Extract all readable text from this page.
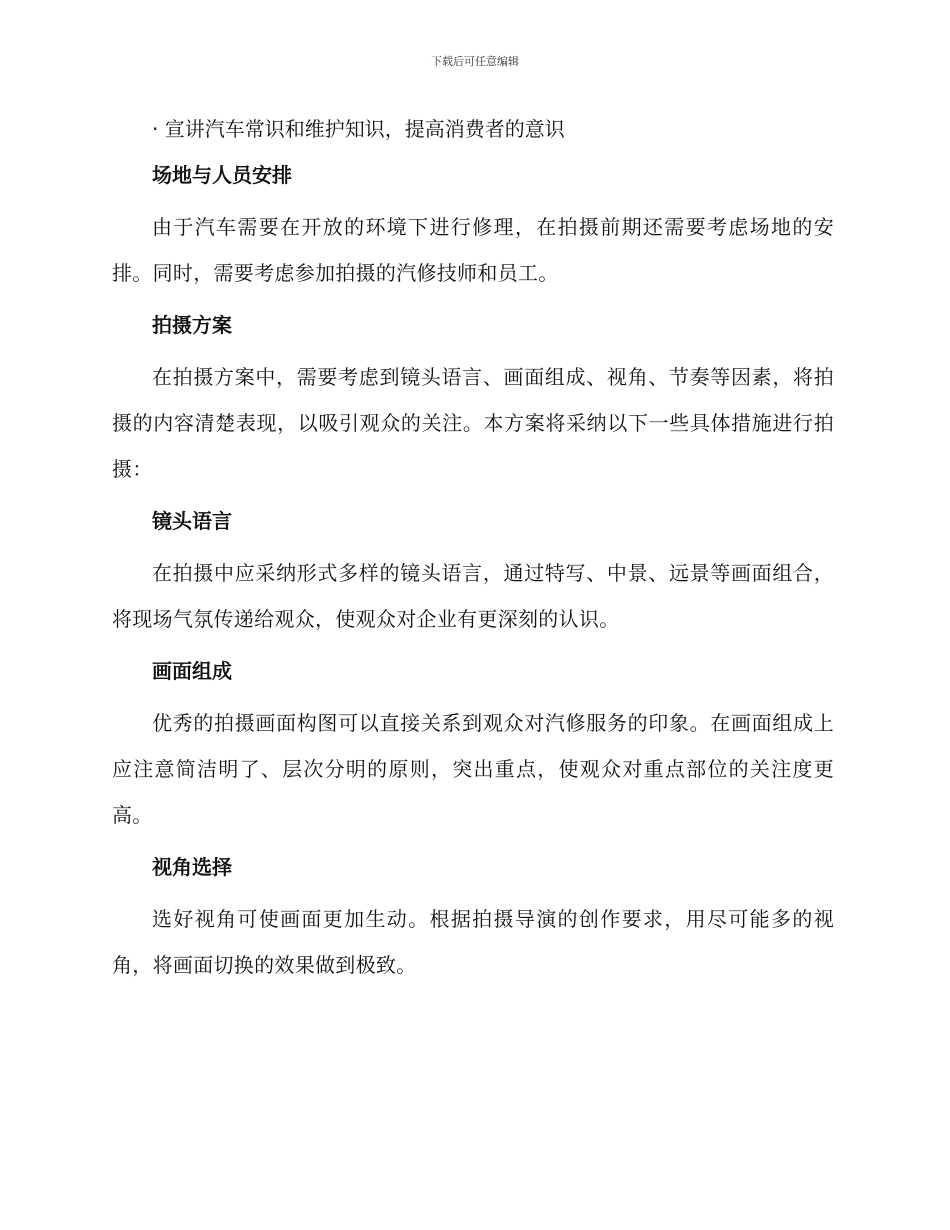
下载后可任意编辑
· 宣讲汽车常识和维护知识，提高消费者的意识
场地与人员安排

由于汽车需要在开放的环境下进行修理，在拍摄前期还需要考虑场地的安排。同时，需要考虑参加拍摄的汽修技师和员工。

拍摄方案

在拍摄方案中，需要考虑到镜头语言、画面组成、视角、节奏等因素，将拍摄的内容清楚表现，以吸引观众的关注。本方案将采纳以下一些具体措施进行拍摄：

镜头语言

在拍摄中应采纳形式多样的镜头语言，通过特写、中景、远景等画面组合，将现场气氛传递给观众，使观众对企业有更深刻的认识。

画面组成

优秀的拍摄画面构图可以直接关系到观众对汽修服务的印象。在画面组成上应注意简洁明了、层次分明的原则，突出重点，使观众对重点部位的关注度更高。

视角选择

选好视角可使画面更加生动。根据拍摄导演的创作要求，用尽可能多的视角，将画面切换的效果做到极致。
